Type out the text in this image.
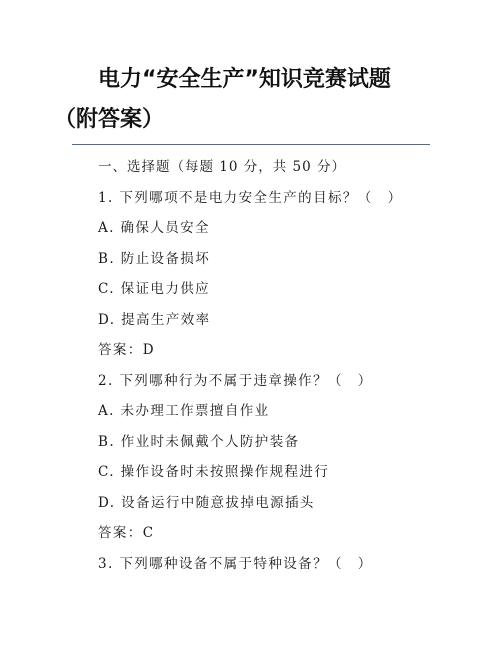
电力“安全生产”知识竞赛试题
（附答案）
一、选择题（每题 10 分，共 50 分）
1. 下列哪项不是电力安全生产的目标？（　）
A. 确保人员安全
B. 防止设备损坏
C. 保证电力供应
D. 提高生产效率
答案：D
2. 下列哪种行为不属于违章操作？（　）
A. 未办理工作票擅自作业
B. 作业时未佩戴个人防护装备
C. 操作设备时未按照操作规程进行
D. 设备运行中随意拔掉电源插头
答案：C
3. 下列哪种设备不属于特种设备？（　）
